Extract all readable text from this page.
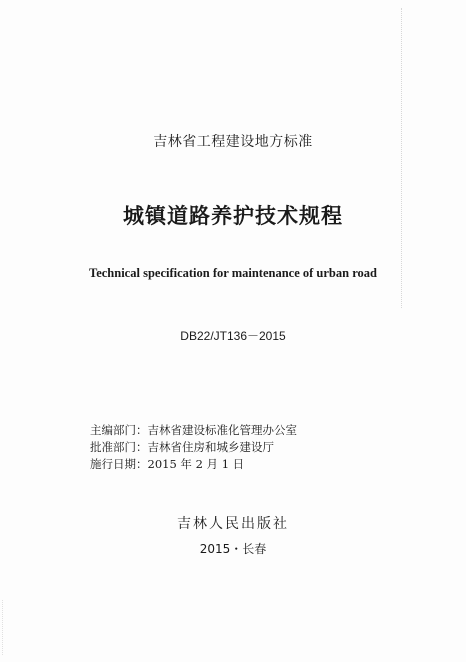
吉林省工程建设地方标准
城镇道路养护技术规程
Technical specification for maintenance of urban road
DB22/JT136－2015
主编部门：吉林省建设标准化管理办公室
批准部门：吉林省住房和城乡建设厅
施行日期：2015 年 2 月 1 日
吉林人民出版社
2015・长春
